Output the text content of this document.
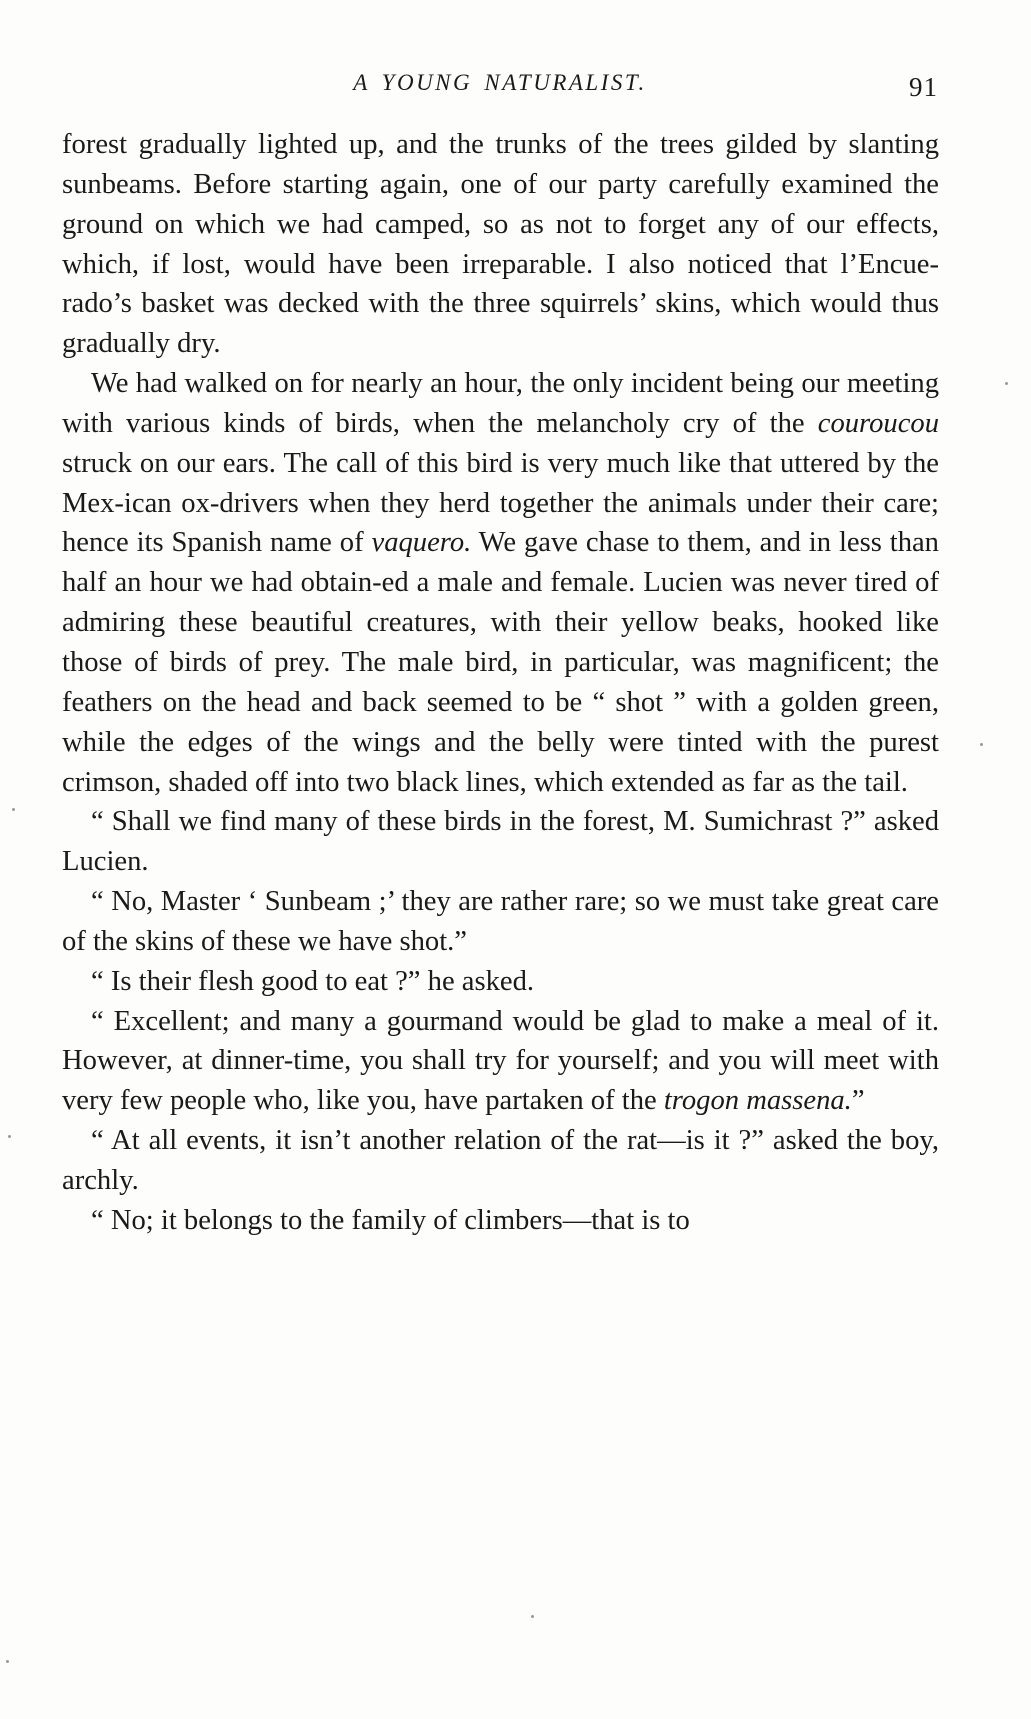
A YOUNG NATURALIST.	91

forest gradually lighted up, and the trunks of the trees gilded by slanting sunbeams. Before starting again, one of our party carefully examined the ground on which we had camped, so as not to forget any of our effects, which, if lost, would have been irreparable. I also noticed that l’Encue-rado’s basket was decked with the three squirrels’ skins, which would thus gradually dry.

We had walked on for nearly an hour, the only incident being our meeting with various kinds of birds, when the melancholy cry of the couroucou struck on our ears. The call of this bird is very much like that uttered by the Mex-ican ox-drivers when they herd together the animals under their care; hence its Spanish name of vaquero. We gave chase to them, and in less than half an hour we had obtain-ed a male and female. Lucien was never tired of admiring these beautiful creatures, with their yellow beaks, hooked like those of birds of prey. The male bird, in particular, was magnificent; the feathers on the head and back seemed to be “ shot ” with a golden green, while the edges of the wings and the belly were tinted with the purest crimson, shaded off into two black lines, which extended as far as the tail.

“ Shall we find many of these birds in the forest, M. Sumichrast ?” asked Lucien.

“ No, Master ‘ Sunbeam ;’ they are rather rare; so we must take great care of the skins of these we have shot.”

“ Is their flesh good to eat ?” he asked.

“ Excellent; and many a gourmand would be glad to make a meal of it. However, at dinner-time, you shall try for yourself; and you will meet with very few people who, like you, have partaken of the trogon massena.”

“ At all events, it isn’t another relation of the rat—is it ?” asked the boy, archly.

“ No; it belongs to the family of climbers—that is to
